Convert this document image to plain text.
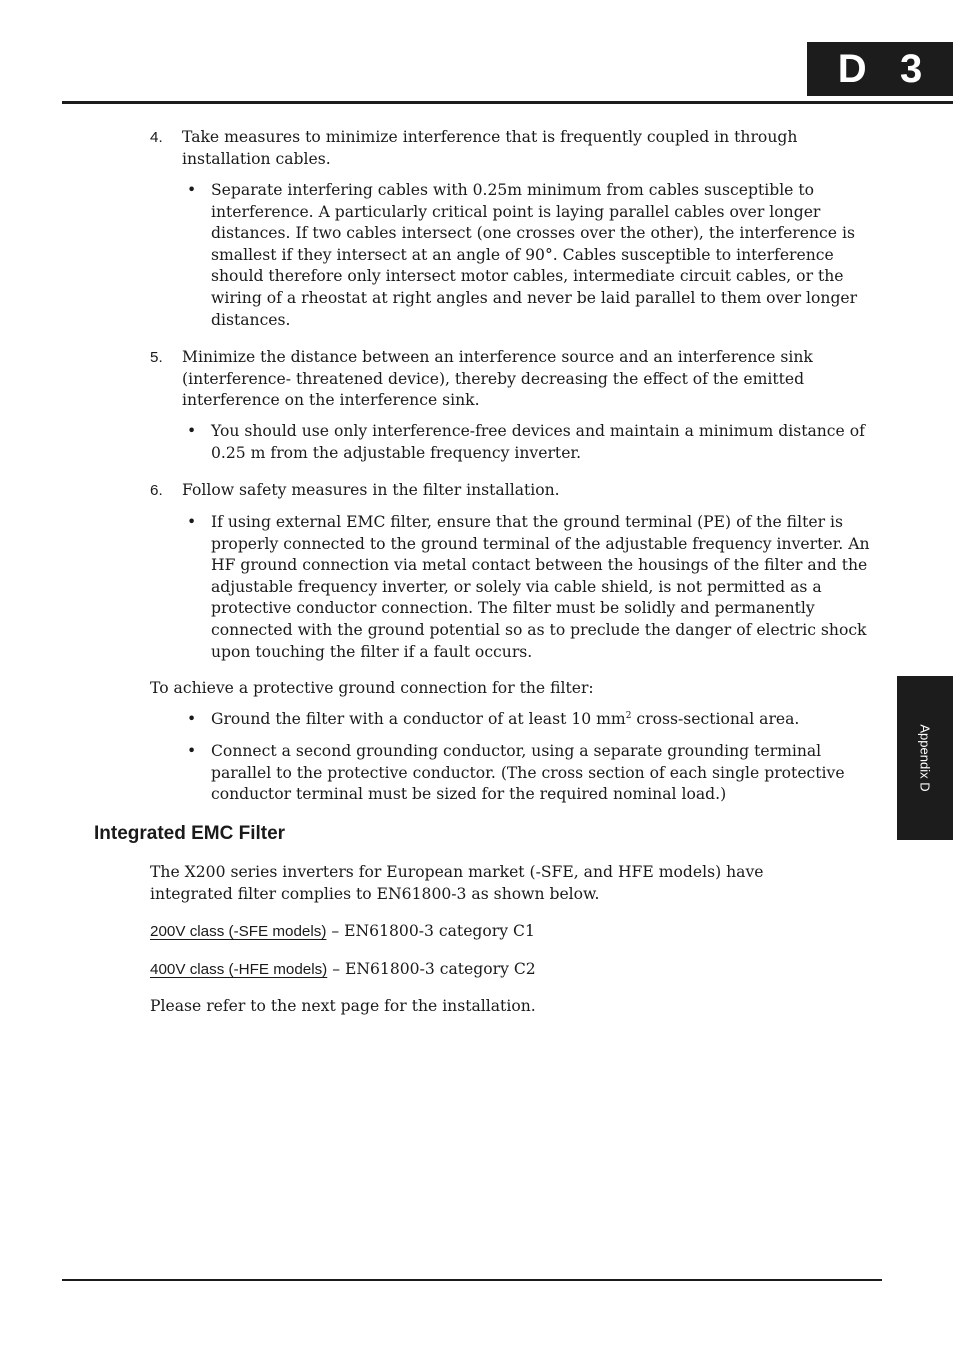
D 3
Appendix D
4. Take measures to minimize interference that is frequently coupled in through installation cables.
• Separate interfering cables with 0.25m minimum from cables susceptible to interference. A particularly critical point is laying parallel cables over longer distances. If two cables intersect (one crosses over the other), the interference is smallest if they intersect at an angle of 90°. Cables susceptible to interference should therefore only intersect motor cables, intermediate circuit cables, or the wiring of a rheostat at right angles and never be laid parallel to them over longer distances.
5. Minimize the distance between an interference source and an interference sink (interference- threatened device), thereby decreasing the effect of the emitted interference on the interference sink.
• You should use only interference-free devices and maintain a minimum distance of 0.25 m from the adjustable frequency inverter.
6. Follow safety measures in the filter installation.
• If using external EMC filter, ensure that the ground terminal (PE) of the filter is properly connected to the ground terminal of the adjustable frequency inverter. An HF ground connection via metal contact between the housings of the filter and the adjustable frequency inverter, or solely via cable shield, is not permitted as a protective conductor connection. The filter must be solidly and permanently connected with the ground potential so as to preclude the danger of electric shock upon touching the filter if a fault occurs.
To achieve a protective ground connection for the filter:
• Ground the filter with a conductor of at least 10 $mm^2$ cross-sectional area.
• Connect a second grounding conductor, using a separate grounding terminal parallel to the protective conductor. (The cross section of each single protective conductor terminal must be sized for the required nominal load.)
Integrated EMC Filter
The X200 series inverters for European market (-SFE, and HFE models) have integrated filter complies to EN61800-3 as shown below.
200V class (-SFE models) – EN61800-3 category C1
400V class (-HFE models) – EN61800-3 category C2
Please refer to the next page for the installation.
